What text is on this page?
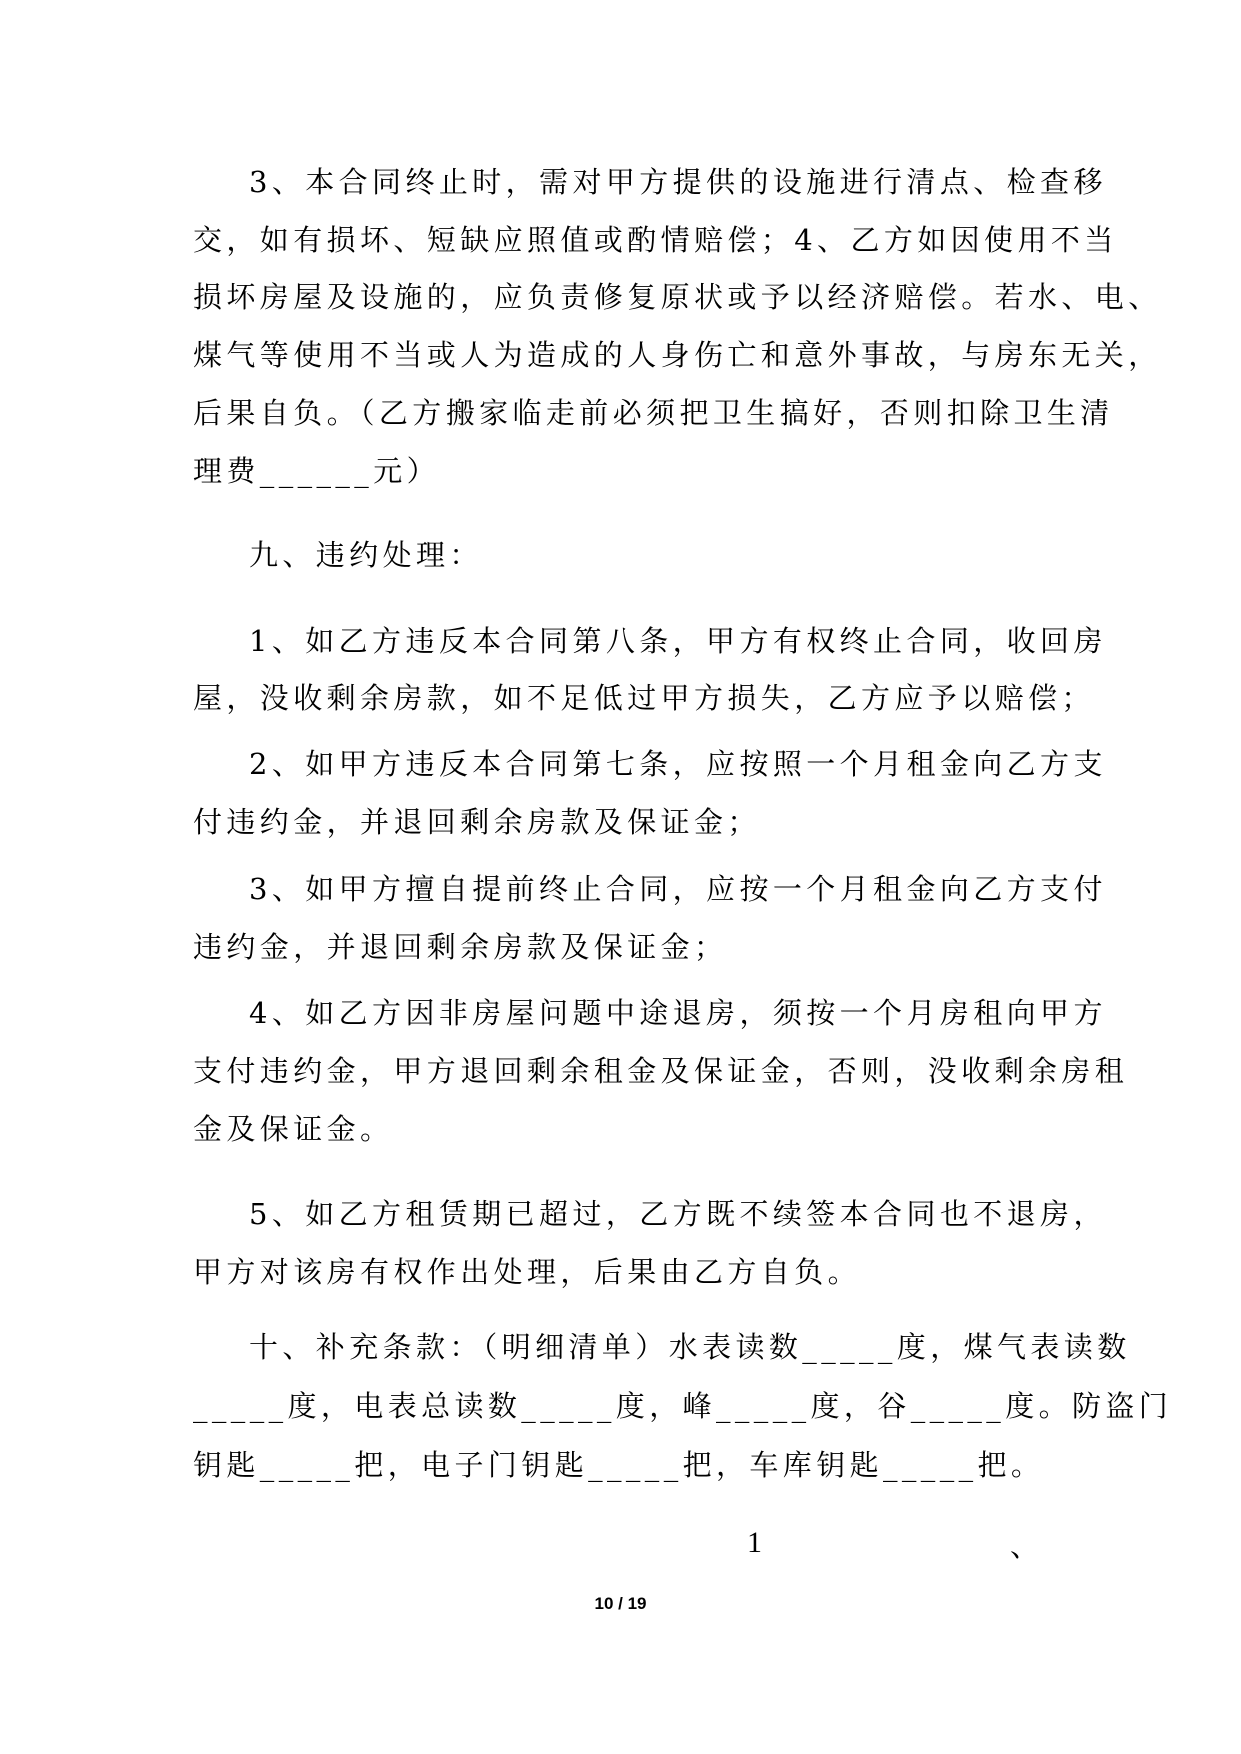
3、本合同终止时，需对甲方提供的设施进行清点、检查移
交，如有损坏、短缺应照值或酌情赔偿；4、乙方如因使用不当
损坏房屋及设施的，应负责修复原状或予以经济赔偿。若水、电、
煤气等使用不当或人为造成的人身伤亡和意外事故，与房东无关，
后果自负。（乙方搬家临走前必须把卫生搞好，否则扣除卫生清
理费______元）
九、违约处理：
1、如乙方违反本合同第八条，甲方有权终止合同，收回房
屋，没收剩余房款，如不足低过甲方损失，乙方应予以赔偿；
2、如甲方违反本合同第七条，应按照一个月租金向乙方支
付违约金，并退回剩余房款及保证金；
3、如甲方擅自提前终止合同，应按一个月租金向乙方支付
违约金，并退回剩余房款及保证金；
4、如乙方因非房屋问题中途退房，须按一个月房租向甲方
支付违约金，甲方退回剩余租金及保证金，否则，没收剩余房租
金及保证金。
5、如乙方租赁期已超过，乙方既不续签本合同也不退房，
甲方对该房有权作出处理，后果由乙方自负。
十、补充条款：（明细清单）水表读数_____度，煤气表读数
_____度，电表总读数_____度，峰_____度，谷_____度。防盗门
钥匙_____把，电子门钥匙_____把，车库钥匙_____把。
1	、
10 / 19
